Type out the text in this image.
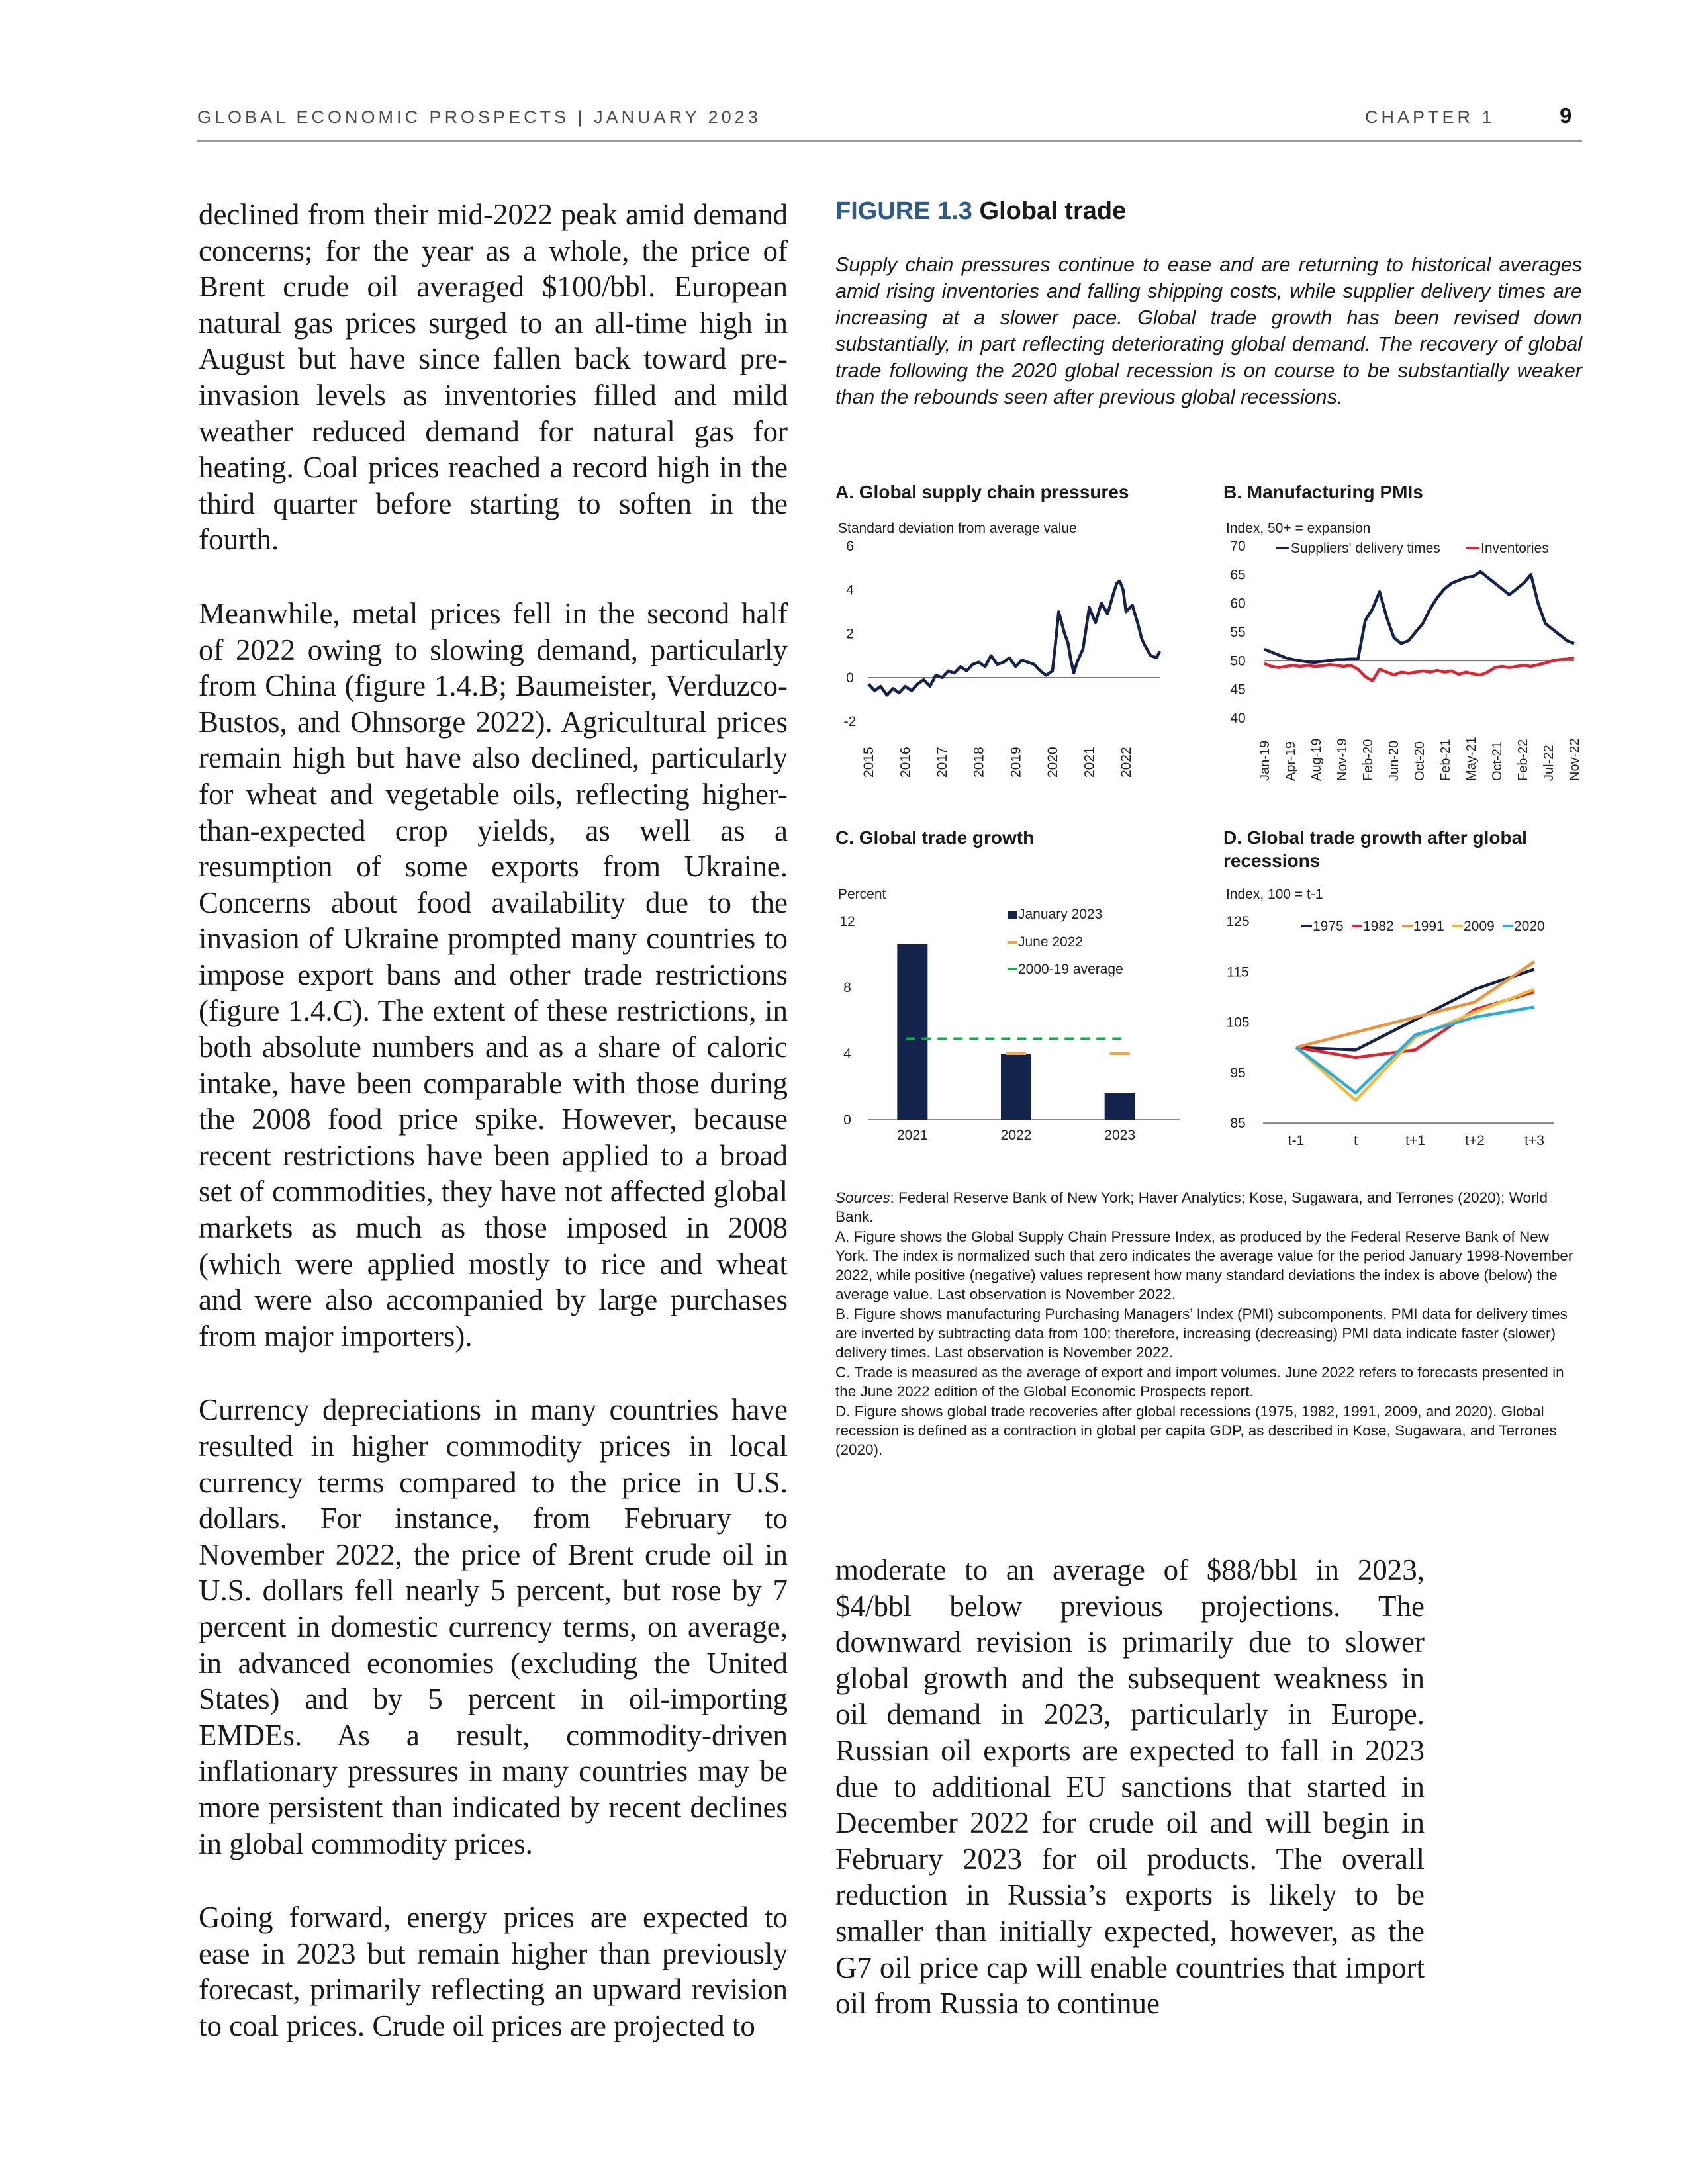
GLOBAL ECONOMIC PROSPECTS | JANUARY 2023	CHAPTER 1	9

declined from their mid-2022 peak amid demand concerns; for the year as a whole, the price of Brent crude oil averaged $100/bbl. European natural gas prices surged to an all-time high in August but have since fallen back toward pre-invasion levels as inventories filled and mild weather reduced demand for natural gas for heating. Coal prices reached a record high in the third quarter before starting to soften in the fourth.

Meanwhile, metal prices fell in the second half of 2022 owing to slowing demand, particularly from China (figure 1.4.B; Baumeister, Verduzco-Bustos, and Ohnsorge 2022). Agricultural prices remain high but have also declined, particularly for wheat and vegetable oils, reflecting higher-than-expected crop yields, as well as a resumption of some exports from Ukraine. Concerns about food availability due to the invasion of Ukraine prompted many countries to impose export bans and other trade restrictions (figure 1.4.C). The extent of these restrictions, in both absolute numbers and as a share of caloric intake, have been comparable with those during the 2008 food price spike. However, because recent restrictions have been applied to a broad set of commodities, they have not affected global markets as much as those imposed in 2008 (which were applied mostly to rice and wheat and were also accompanied by large purchases from major importers).

Currency depreciations in many countries have resulted in higher commodity prices in local currency terms compared to the price in U.S. dollars. For instance, from February to November 2022, the price of Brent crude oil in U.S. dollars fell nearly 5 percent, but rose by 7 percent in domestic currency terms, on average, in advanced economies (excluding the United States) and by 5 percent in oil-importing EMDEs. As a result, commodity-driven inflationary pressures in many countries may be more persistent than indicated by recent declines in global commodity prices.

Going forward, energy prices are expected to ease in 2023 but remain higher than previously forecast, primarily reflecting an upward revision to coal prices. Crude oil prices are projected to

moderate to an average of $88/bbl in 2023, $4/bbl below previous projections. The downward revision is primarily due to slower global growth and the subsequent weakness in oil demand in 2023, particularly in Europe. Russian oil exports are expected to fall in 2023 due to additional EU sanctions that started in December 2022 for crude oil and will begin in February 2023 for oil products. The overall reduction in Russia’s exports is likely to be smaller than initially expected, however, as the G7 oil price cap will enable countries that import oil from Russia to continue

FIGURE 1.3 Global trade
Supply chain pressures continue to ease and are returning to historical averages amid rising inventories and falling shipping costs, while supplier delivery times are increasing at a slower pace. Global trade growth has been revised down substantially, in part reflecting deteriorating global demand. The recovery of global trade following the 2020 global recession is on course to be substantially weaker than the rebounds seen after previous global recessions.
A. Global supply chain pressures	B. Manufacturing PMIs
C. Global trade growth	D. Global trade growth after global recessions
Standard deviation from average value
6
4
2
0
-2
2015 2016 2017 2018 2019 2020 2021 2022
Index, 50+ = expansion
70
65
60
55
50
45
40
Jan-19 Apr-19 Aug-19 Nov-19 Feb-20 Jun-20 Oct-20 Feb-21 May-21 Oct-21 Feb-22 Jul-22 Nov-22
Suppliers' delivery times	Inventories
Percent
12
8
4
0
2021	2022	2023
January 2023
June 2022
2000-19 average
Index, 100 = t-1
125
115
105
95
85
t-1	t	t+1	t+2	t+3
1975 1982 1991 2009 2020

Sources: Federal Reserve Bank of New York; Haver Analytics; Kose, Sugawara, and Terrones (2020); World Bank.

A. Figure shows the Global Supply Chain Pressure Index, as produced by the Federal Reserve Bank of New York. The index is normalized such that zero indicates the average value for the period January 1998-November 2022, while positive (negative) values represent how many standard deviations the index is above (below) the average value. Last observation is November 2022.

B. Figure shows manufacturing Purchasing Managers’ Index (PMI) subcomponents. PMI data for delivery times are inverted by subtracting data from 100; therefore, increasing (decreasing) PMI data indicate faster (slower) delivery times. Last observation is November 2022.

C. Trade is measured as the average of export and import volumes. June 2022 refers to forecasts presented in the June 2022 edition of the Global Economic Prospects report.

D. Figure shows global trade recoveries after global recessions (1975, 1982, 1991, 2009, and 2020). Global recession is defined as a contraction in global per capita GDP, as described in Kose, Sugawara, and Terrones (2020).
